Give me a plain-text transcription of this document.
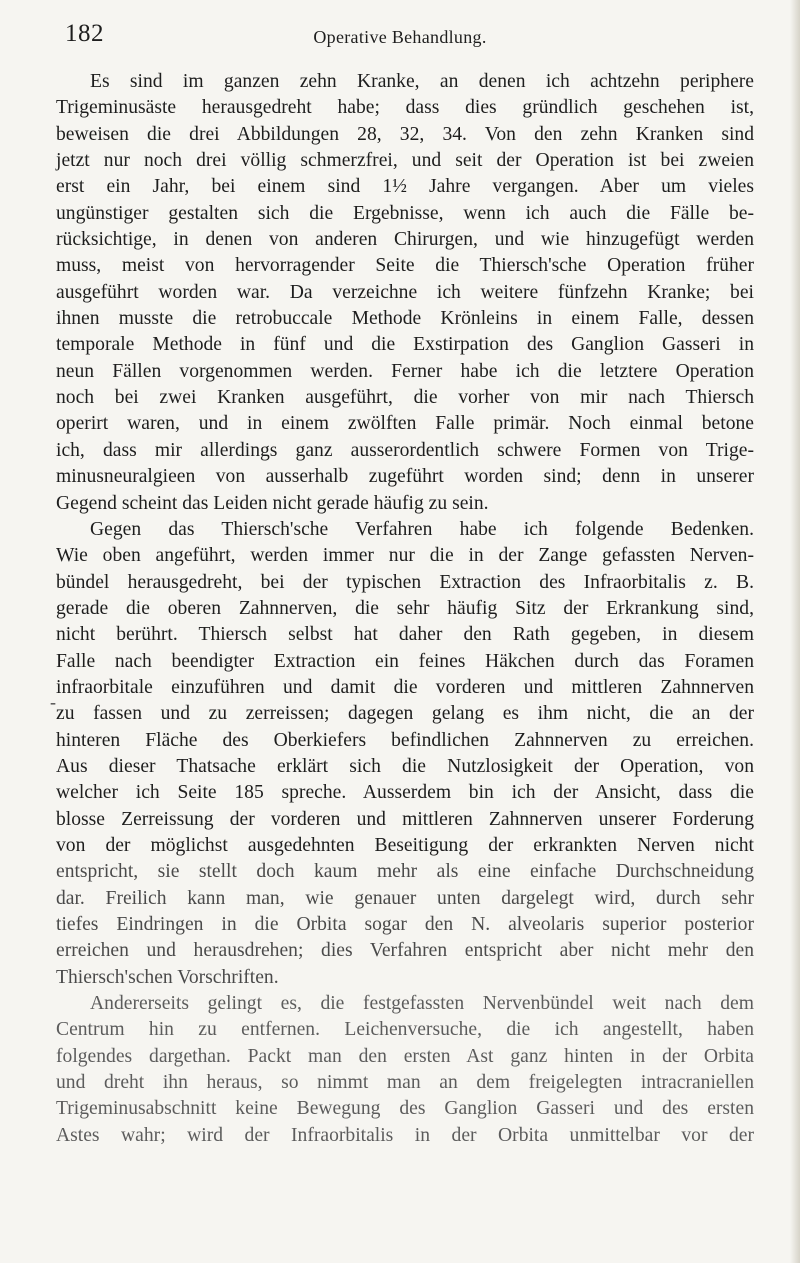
182	Operative Behandlung.
-
Es sind im ganzen zehn Kranke, an denen ich achtzehn periphere
Trigeminusäste herausgedreht habe; dass dies gründlich geschehen ist,
beweisen die drei Abbildungen 28, 32, 34. Von den zehn Kranken sind
jetzt nur noch drei völlig schmerzfrei, und seit der Operation ist bei zweien
erst ein Jahr, bei einem sind 1½ Jahre vergangen. Aber um vieles
ungünstiger gestalten sich die Ergebnisse, wenn ich auch die Fälle be-
rücksichtige, in denen von anderen Chirurgen, und wie hinzugefügt werden
muss, meist von hervorragender Seite die Thiersch'sche Operation früher
ausgeführt worden war. Da verzeichne ich weitere fünfzehn Kranke; bei
ihnen musste die retrobuccale Methode Krönleins in einem Falle, dessen
temporale Methode in fünf und die Exstirpation des Ganglion Gasseri in
neun Fällen vorgenommen werden. Ferner habe ich die letztere Operation
noch bei zwei Kranken ausgeführt, die vorher von mir nach Thiersch
operirt waren, und in einem zwölften Falle primär. Noch einmal betone
ich, dass mir allerdings ganz ausserordentlich schwere Formen von Trige-
minusneuralgieen von ausserhalb zugeführt worden sind; denn in unserer
Gegend scheint das Leiden nicht gerade häufig zu sein.
Gegen das Thiersch'sche Verfahren habe ich folgende Bedenken.
Wie oben angeführt, werden immer nur die in der Zange gefassten Nerven-
bündel herausgedreht, bei der typischen Extraction des Infraorbitalis z. B.
gerade die oberen Zahnnerven, die sehr häufig Sitz der Erkrankung sind,
nicht berührt. Thiersch selbst hat daher den Rath gegeben, in diesem
Falle nach beendigter Extraction ein feines Häkchen durch das Foramen
infraorbitale einzuführen und damit die vorderen und mittleren Zahnnerven
zu fassen und zu zerreissen; dagegen gelang es ihm nicht, die an der
hinteren Fläche des Oberkiefers befindlichen Zahnnerven zu erreichen.
Aus dieser Thatsache erklärt sich die Nutzlosigkeit der Operation, von
welcher ich Seite 185 spreche. Ausserdem bin ich der Ansicht, dass die
blosse Zerreissung der vorderen und mittleren Zahnnerven unserer Forderung
von der möglichst ausgedehnten Beseitigung der erkrankten Nerven nicht
entspricht, sie stellt doch kaum mehr als eine einfache Durchschneidung
dar. Freilich kann man, wie genauer unten dargelegt wird, durch sehr
tiefes Eindringen in die Orbita sogar den N. alveolaris superior posterior
erreichen und herausdrehen; dies Verfahren entspricht aber nicht mehr den
Thiersch'schen Vorschriften.
Andererseits gelingt es, die festgefassten Nervenbündel weit nach dem
Centrum hin zu entfernen. Leichenversuche, die ich angestellt, haben
folgendes dargethan. Packt man den ersten Ast ganz hinten in der Orbita
und dreht ihn heraus, so nimmt man an dem freigelegten intracraniellen
Trigeminusabschnitt keine Bewegung des Ganglion Gasseri und des ersten
Astes wahr; wird der Infraorbitalis in der Orbita unmittelbar vor der
